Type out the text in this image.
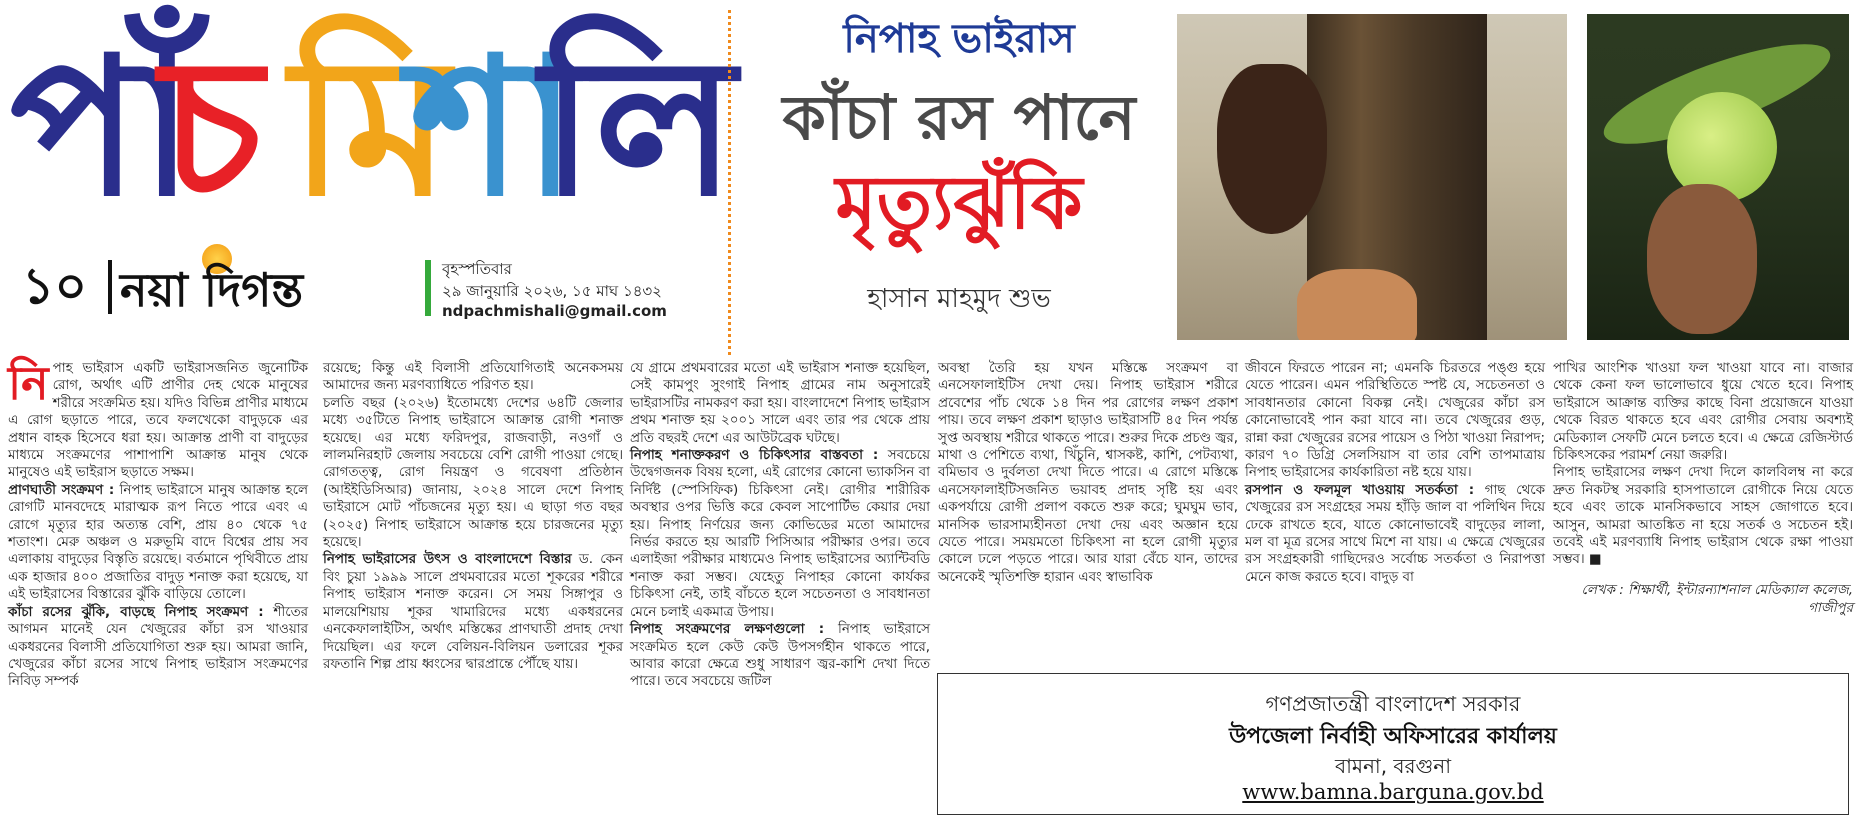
পাঁ
চ মি
শা
লি
১০ নয়া দিগন্ত	বৃহস্পতিবার
২৯ জানুয়ারি ২০২৬, ১৫ মাঘ ১৪৩২
ndpachmishali@gmail.com
নিপাহ ভাইরাস
কাঁচা রস পানে
মৃত্যুঝুঁকি
হাসান মাহমুদ শুভ

নিপাহ ভাইরাস একটি ভাইরাসজনিত জুনোটিক রোগ, অর্থাৎ এটি প্রাণীর দেহ থেকে মানুষের শরীরে সংক্রমিত হয়। যদিও বিভিন্ন প্রাণীর মাধ্যমে এ রোগ ছড়াতে পারে, তবে ফলখেকো বাদুড়কে এর প্রধান বাহক হিসেবে ধরা হয়। আক্রান্ত প্রাণী বা বাদুড়ের মাধ্যমে সংক্রমণের পাশাপাশি আক্রান্ত মানুষ থেকে মানুষেও এই ভাইরাস ছড়াতে সক্ষম।

প্রাণঘাতী সংক্রমণ : নিপাহ ভাইরাসে মানুষ আক্রান্ত হলে রোগটি মানবদেহে মারাত্মক রূপ নিতে পারে এবং এ রোগে মৃত্যুর হার অত্যন্ত বেশি, প্রায় ৪০ থেকে ৭৫ শতাংশ। মেরু অঞ্চল ও মরুভূমি বাদে বিশ্বের প্রায় সব এলাকায় বাদুড়ের বিস্তৃতি রয়েছে। বর্তমানে পৃথিবীতে প্রায় এক হাজার ৪০০ প্রজাতির বাদুড় শনাক্ত করা হয়েছে, যা এই ভাইরাসের বিস্তারের ঝুঁকি বাড়িয়ে তোলে।

কাঁচা রসের ঝুঁকি, বাড়ছে নিপাহ সংক্রমণ : শীতের আগমন মানেই যেন খেজুরের কাঁচা রস খাওয়ার একধরনের বিলাসী প্রতিযোগিতা শুরু হয়। আমরা জানি, খেজুরের কাঁচা রসের সাথে নিপাহ ভাইরাস সংক্রমণের নিবিড় সম্পর্ক

রয়েছে; কিন্তু এই বিলাসী প্রতিযোগিতাই অনেকসময় আমাদের জন্য মরণব্যাধিতে পরিণত হয়।

চলতি বছর (২০২৬) ইতোমধ্যে দেশের ৬৪টি জেলার মধ্যে ৩৫টিতে নিপাহ ভাইরাসে আক্রান্ত রোগী শনাক্ত হয়েছে। এর মধ্যে ফরিদপুর, রাজবাড়ী, নওগাঁ ও লালমনিরহাট জেলায় সবচেয়ে বেশি রোগী পাওয়া গেছে। রোগতত্ত্ব, রোগ নিয়ন্ত্রণ ও গবেষণা প্রতিষ্ঠান (আইইডিসিআর) জানায়, ২০২৪ সালে দেশে নিপাহ ভাইরাসে মোট পাঁচজনের মৃত্যু হয়। এ ছাড়া গত বছর (২০২৫) নিপাহ ভাইরাসে আক্রান্ত হয়ে চারজনের মৃত্যু হয়েছে।

নিপাহ ভাইরাসের উৎস ও বাংলাদেশে বিস্তার ড. কেন বিং চুয়া ১৯৯৯ সালে প্রথমবারের মতো শূকরের শরীরে নিপাহ ভাইরাস শনাক্ত করেন। সে সময় সিঙ্গাপুর ও মালয়েশিয়ায় শূকর খামারিদের মধ্যে একধরনের এনকেফালাইটিস, অর্থাৎ মস্তিষ্কের প্রাণঘাতী প্রদাহ দেখা দিয়েছিল। এর ফলে বেলিয়ন-বিলিয়ন ডলারের শূকর রফতানি শিল্প প্রায় ধ্বংসের দ্বারপ্রান্তে পৌঁছে যায়।

যে গ্রামে প্রথমবারের মতো এই ভাইরাস শনাক্ত হয়েছিল, সেই কামপুং সুংগাই নিপাহ গ্রামের নাম অনুসারেই ভাইরাসটির নামকরণ করা হয়। বাংলাদেশে নিপাহ ভাইরাস প্রথম শনাক্ত হয় ২০০১ সালে এবং তার পর থেকে প্রায় প্রতি বছরই দেশে এর আউটব্রেক ঘটছে।

নিপাহ শনাক্তকরণ ও চিকিৎসার বাস্তবতা : সবচেয়ে উদ্বেগজনক বিষয় হলো, এই রোগের কোনো ভ্যাকসিন বা নির্দিষ্ট (স্পেসিফিক) চিকিৎসা নেই। রোগীর শারীরিক অবস্থার ওপর ভিত্তি করে কেবল সাপোর্টিভ কেয়ার দেয়া হয়। নিপাহ নির্ণয়ের জন্য কোভিডের মতো আমাদের নির্ভর করতে হয় আরটি পিসিআর পরীক্ষার ওপর। তবে এলাইজা পরীক্ষার মাধ্যমেও নিপাহ ভাইরাসের অ্যান্টিবডি শনাক্ত করা সম্ভব। যেহেতু নিপাহর কোনো কার্যকর চিকিৎসা নেই, তাই বাঁচতে হলে সচেতনতা ও সাবধানতা মেনে চলাই একমাত্র উপায়।

নিপাহ সংক্রমণের লক্ষণগুলো : নিপাহ ভাইরাসে সংক্রমিত হলে কেউ কেউ উপসর্গহীন থাকতে পারে, আবার কারো ক্ষেত্রে শুধু সাধারণ জ্বর-কাশি দেখা দিতে পারে। তবে সবচেয়ে জটিল

অবস্থা তৈরি হয় যখন মস্তিষ্কে সংক্রমণ বা এনসেফালাইটিস দেখা দেয়। নিপাহ ভাইরাস শরীরে প্রবেশের পাঁচ থেকে ১৪ দিন পর রোগের লক্ষণ প্রকাশ পায়। তবে লক্ষণ প্রকাশ ছাড়াও ভাইরাসটি ৪৫ দিন পর্যন্ত সুপ্ত অবস্থায় শরীরে থাকতে পারে। শুরুর দিকে প্রচণ্ড জ্বর, মাথা ও পেশিতে ব্যথা, খিঁচুনি, শ্বাসকষ্ট, কাশি, পেটব্যথা, বমিভাব ও দুর্বলতা দেখা দিতে পারে। এ রোগে মস্তিষ্কে এনসেফালাইটিসজনিত ভয়াবহ প্রদাহ সৃষ্টি হয় এবং একপর্যায়ে রোগী প্রলাপ বকতে শুরু করে; ঘুমঘুম ভাব, মানসিক ভারসাম্যহীনতা দেখা দেয় এবং অজ্ঞান হয়ে যেতে পারে। সময়মতো চিকিৎসা না হলে রোগী মৃত্যুর কোলে ঢলে পড়তে পারে। আর যারা বেঁচে যান, তাদের অনেকেই স্মৃতিশক্তি হারান এবং স্বাভাবিক

জীবনে ফিরতে পারেন না; এমনকি চিরতরে পঙ্গু হয়ে যেতে পারেন। এমন পরিস্থিতিতে স্পষ্ট যে, সচেতনতা ও সাবধানতার কোনো বিকল্প নেই। খেজুরের কাঁচা রস কোনোভাবেই পান করা যাবে না। তবে খেজুরের গুড়, রান্না করা খেজুরের রসের পায়েস ও পিঠা খাওয়া নিরাপদ; কারণ ৭০ ডিগ্রি সেলসিয়াস বা তার বেশি তাপমাত্রায় নিপাহ ভাইরাসের কার্যকারিতা নষ্ট হয়ে যায়।

রসপান ও ফলমূল খাওয়ায় সতর্কতা : গাছ থেকে খেজুরের রস সংগ্রহের সময় হাঁড়ি জাল বা পলিথিন দিয়ে ঢেকে রাখতে হবে, যাতে কোনোভাবেই বাদুড়ের লালা, মল বা মূত্র রসের সাথে মিশে না যায়। এ ক্ষেত্রে খেজুরের রস সংগ্রহকারী গাছিদেরও সর্বোচ্চ সতর্কতা ও নিরাপত্তা মেনে কাজ করতে হবে। বাদুড় বা

পাখির আংশিক খাওয়া ফল খাওয়া যাবে না। বাজার থেকে কেনা ফল ভালোভাবে ধুয়ে খেতে হবে। নিপাহ ভাইরাসে আক্রান্ত ব্যক্তির কাছে বিনা প্রয়োজনে যাওয়া থেকে বিরত থাকতে হবে এবং রোগীর সেবায় অবশ্যই মেডিক্যাল সেফটি মেনে চলতে হবে। এ ক্ষেত্রে রেজিস্টার্ড চিকিৎসকের পরামর্শ নেয়া জরুরি।

নিপাহ ভাইরাসের লক্ষণ দেখা দিলে কালবিলম্ব না করে দ্রুত নিকটস্থ সরকারি হাসপাতালে রোগীকে নিয়ে যেতে হবে এবং তাকে মানসিকভাবে সাহস জোগাতে হবে। আসুন, আমরা আতঙ্কিত না হয়ে সতর্ক ও সচেতন হই। তবেই এই মরণব্যাধি নিপাহ ভাইরাস থেকে রক্ষা পাওয়া সম্ভব। ■

লেখক : শিক্ষার্থী, ইন্টারন্যাশনাল মেডিক্যাল কলেজ, গাজীপুর

গণপ্রজাতন্ত্রী বাংলাদেশ সরকার
উপজেলা নির্বাহী অফিসারের কার্যালয়
বামনা, বরগুনা
www.bamna.barguna.gov.bd
